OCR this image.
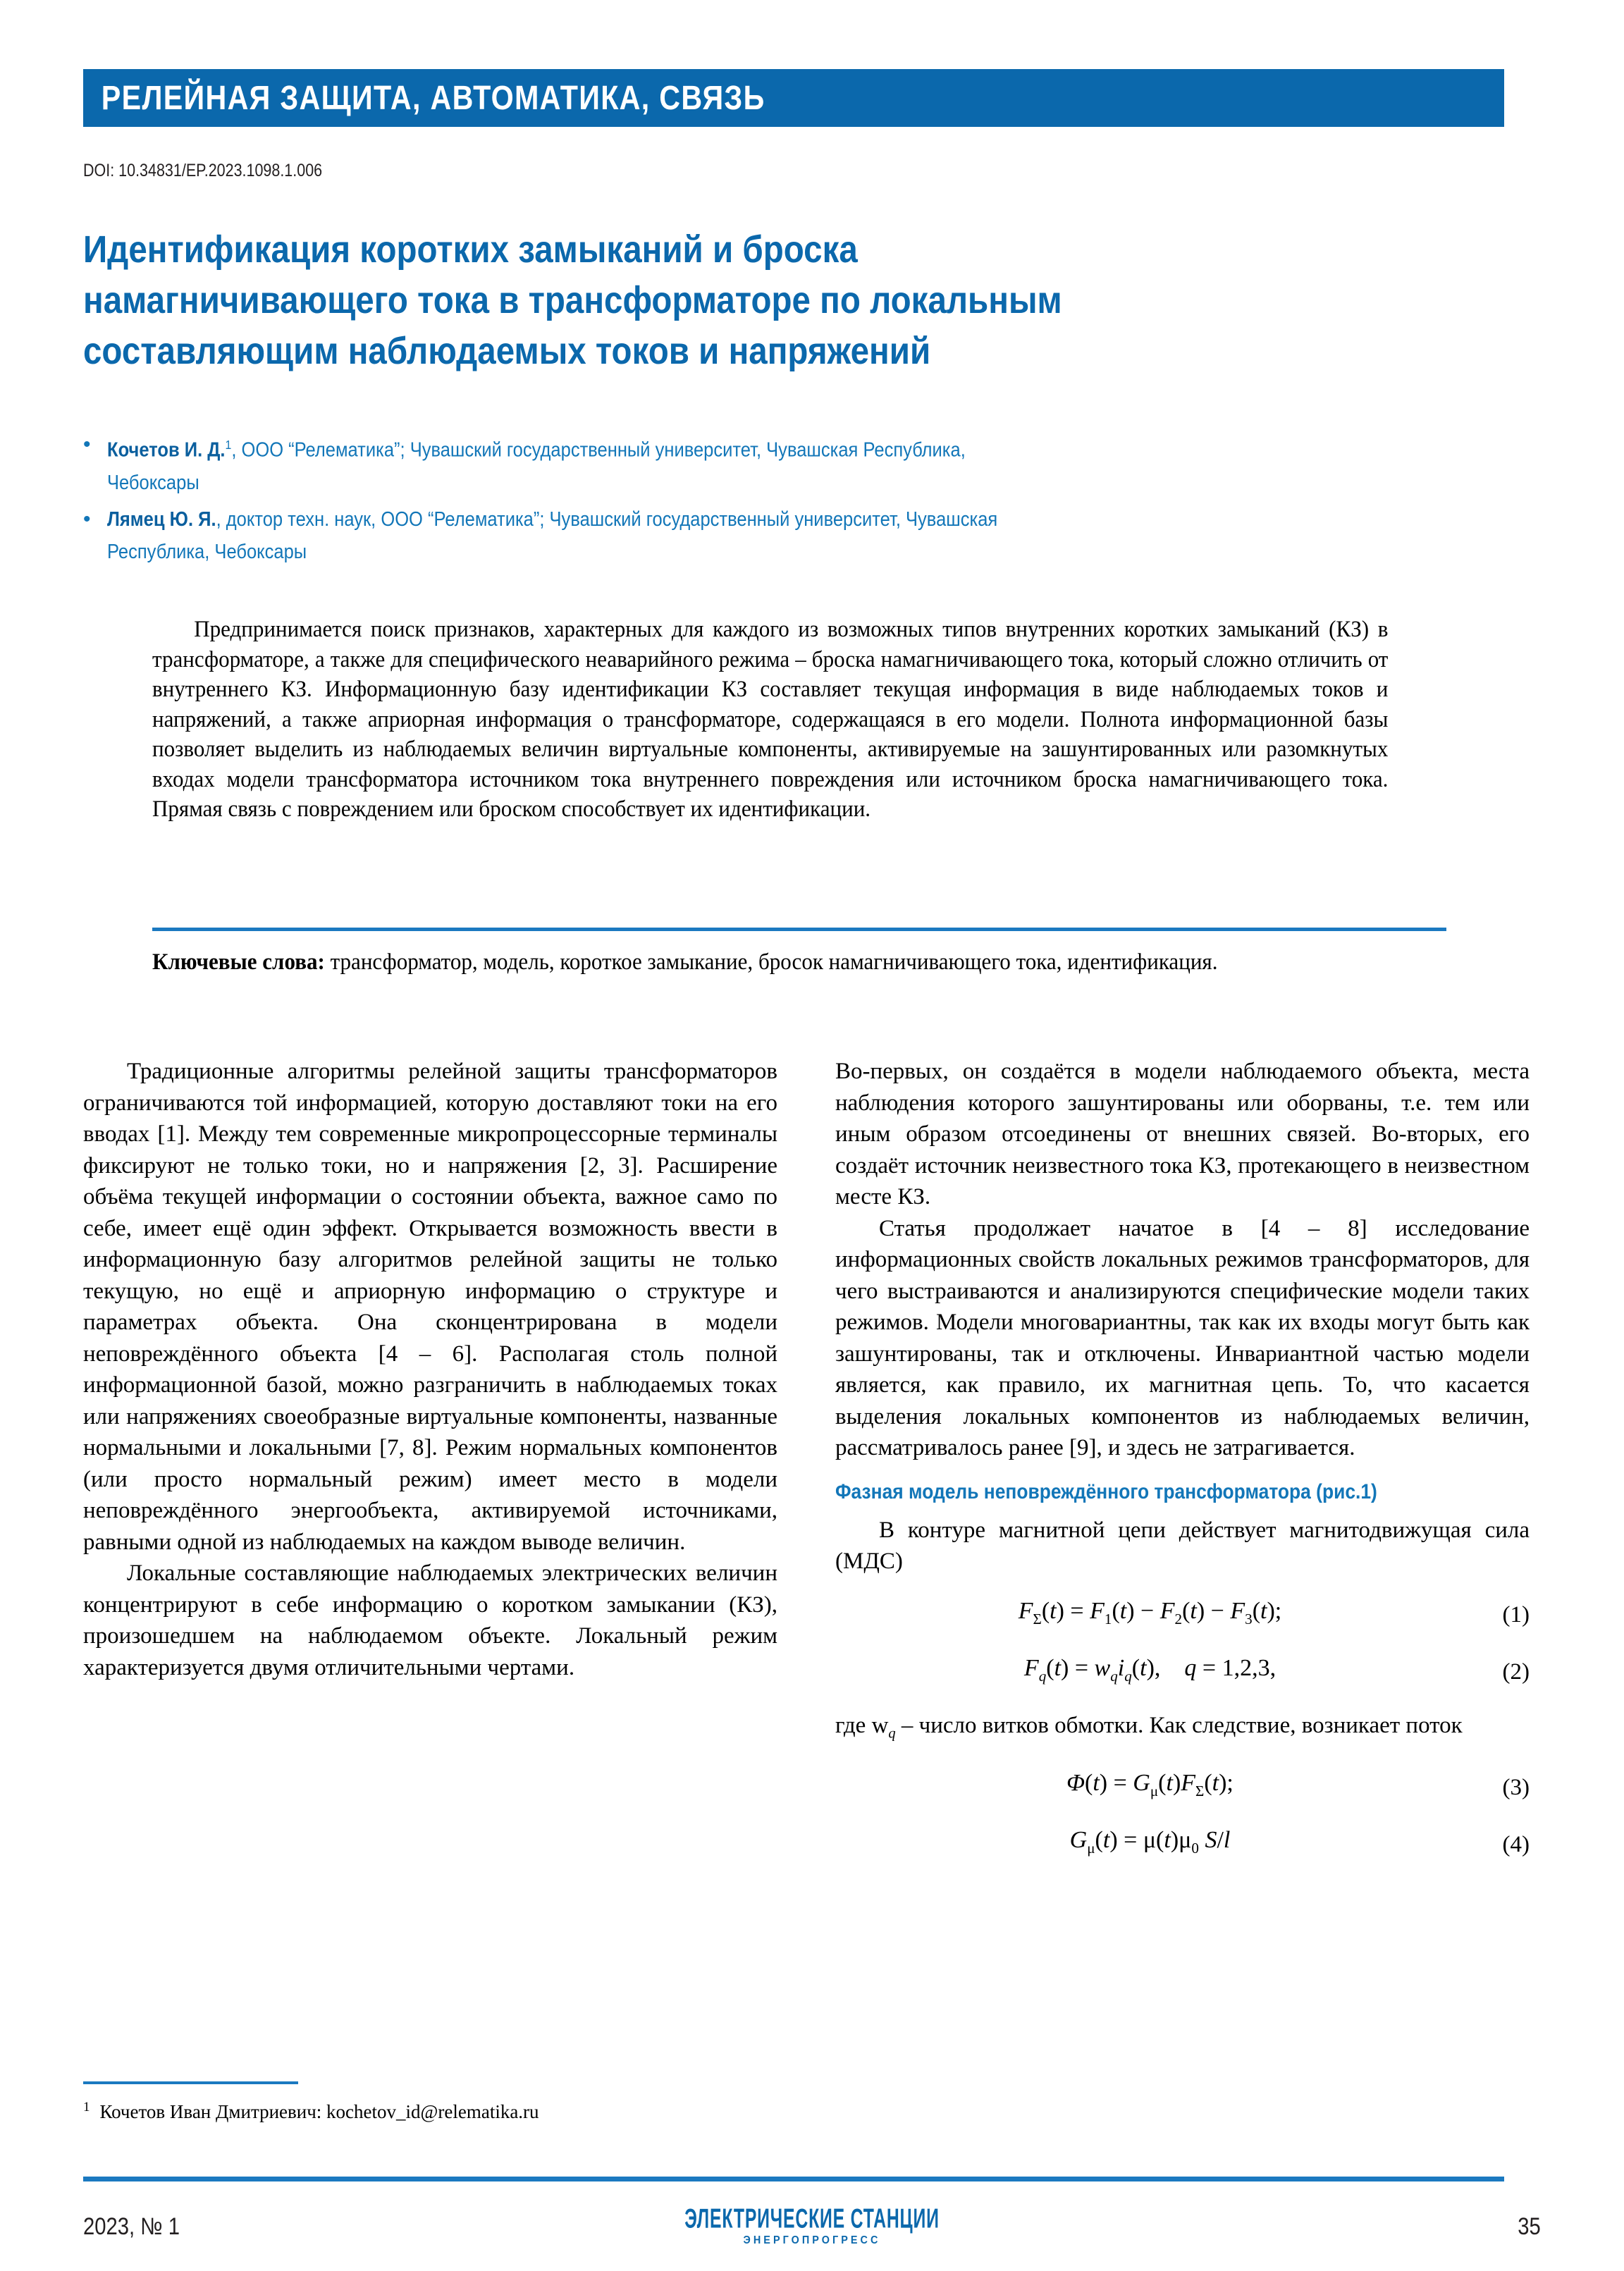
РЕЛЕЙНАЯ ЗАЩИТА, АВТОМАТИКА, СВЯЗЬ
DOI: 10.34831/EP.2023.1098.1.006
Идентификация коротких замыканий и броска
намагничивающего тока в трансформаторе по локальным
составляющим наблюдаемых токов и напряжений
• Кочетов И. Д.$^1$, ООО “Релематика”; Чувашский государственный университет, Чувашская Республика,
Чебоксары
• Лямец Ю. Я., доктор техн. наук, ООО “Релематика”; Чувашский государственный университет, Чувашская
Республика, Чебоксары
Предпринимается поиск признаков, характерных для каждого из возможных типов внутренних коротких замыканий (КЗ) в трансформаторе, а также для специфического неаварийного режима – броска намагничивающего тока, который сложно отличить от внутреннего КЗ. Информационную базу идентификации КЗ составляет текущая информация в виде наблюдаемых токов и напряжений, а также априорная информация о трансформаторе, содержащаяся в его модели. Полнота информационной базы позволяет выделить из наблюдаемых величин виртуальные компоненты, активируемые на зашунтированных или разомкнутых входах модели трансформатора источником тока внутреннего повреждения или источником броска намагничивающего тока. Прямая связь с повреждением или броском способствует их идентификации.
Ключевые слова: трансформатор, модель, короткое замыкание, бросок намагничивающего тока, идентификация.

Традиционные алгоритмы релейной защиты трансформаторов ограничиваются той информацией, которую доставляют токи на его вводах [1]. Между тем современные микропроцессорные терминалы фиксируют не только токи, но и напряжения [2, 3]. Расширение объёма текущей информации о состоянии объекта, важное само по себе, имеет ещё один эффект. Открывается возможность ввести в информационную базу алгоритмов релейной защиты не только текущую, но ещё и априорную информацию о структуре и параметрах объекта. Она сконцентрирована в модели неповреждённого объекта [4 – 6]. Располагая столь полной информационной базой, можно разграничить в наблюдаемых токах или напряжениях своеобразные виртуальные компоненты, названные нормальными и локальными [7, 8]. Режим нормальных компонентов (или просто нормальный режим) имеет место в модели неповреждённого энергообъекта, активируемой источниками, равными одной из наблюдаемых на каждом выводе величин.

Локальные составляющие наблюдаемых электрических величин концентрируют в себе информацию о коротком замыкании (КЗ), произошедшем на наблюдаемом объекте. Локальный режим характеризуется двумя отличительными чертами.

Во-первых, он создаётся в модели наблюдаемого объекта, места наблюдения которого зашунтированы или оборваны, т.е. тем или иным образом отсоединены от внешних связей. Во-вторых, его создаёт источник неизвестного тока КЗ, протекающего в неизвестном месте КЗ.

Статья продолжает начатое в [4 – 8] исследование информационных свойств локальных режимов трансформаторов, для чего выстраиваются и анализируются специфические модели таких режимов. Модели многовариантны, так как их входы могут быть как зашунтированы, так и отключены. Инвариантной частью модели является, как правило, их магнитная цепь. То, что касается выделения локальных компонентов из наблюдаемых величин, рассматривалось ранее [9], и здесь не затрагивается.

Фазная модель неповреждённого трансформатора (рис.1)

В контуре магнитной цепи действует магнитодвижущая сила (МДС)

$F_\Sigma(t) = F_1(t) - F_2(t) - F_3(t)$;	(1)
$F_q(t) = w_qi_q(t)$, q = 1,2,3,	(2)

где $w_q$ – число витков обмотки. Как следствие, возникает поток

$\Phi(t) = G_\mu(t)F_\Sigma(t)$;	(3)
$G_\mu(t) = \mu(t)\mu_0$ S/l	(4)
$^1$ Кочетов Иван Дмитриевич: kochetov_id@relematika.ru
2023, № 1	ЭЛЕКТРИЧЕСКИЕ СТАНЦИИ
ЭНЕРГОПРОГРЕСС
35
